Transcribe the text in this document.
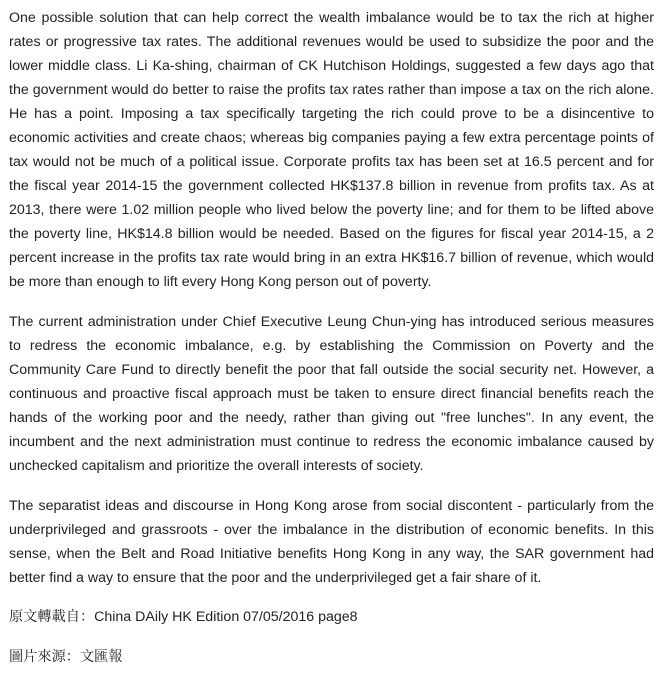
One possible solution that can help correct the wealth imbalance would be to tax the rich at higher rates or progressive tax rates. The additional revenues would be used to subsidize the poor and the lower middle class. Li Ka-shing, chairman of CK Hutchison Holdings, suggested a few days ago that the government would do better to raise the profits tax rates rather than impose a tax on the rich alone. He has a point. Imposing a tax specifically targeting the rich could prove to be a disincentive to economic activities and create chaos; whereas big companies paying a few extra percentage points of tax would not be much of a political issue. Corporate profits tax has been set at 16.5 percent and for the fiscal year 2014-15 the government collected HK$137.8 billion in revenue from profits tax. As at 2013, there were 1.02 million people who lived below the poverty line; and for them to be lifted above the poverty line, HK$14.8 billion would be needed. Based on the figures for fiscal year 2014-15, a 2 percent increase in the profits tax rate would bring in an extra HK$16.7 billion of revenue, which would be more than enough to lift every Hong Kong person out of poverty.

The current administration under Chief Executive Leung Chun-ying has introduced serious measures to redress the economic imbalance, e.g. by establishing the Commission on Poverty and the Community Care Fund to directly benefit the poor that fall outside the social security net. However, a continuous and proactive fiscal approach must be taken to ensure direct financial benefits reach the hands of the working poor and the needy, rather than giving out "free lunches". In any event, the incumbent and the next administration must continue to redress the economic imbalance caused by unchecked capitalism and prioritize the overall interests of society.

The separatist ideas and discourse in Hong Kong arose from social discontent - particularly from the underprivileged and grassroots - over the imbalance in the distribution of economic benefits. In this sense, when the Belt and Road Initiative benefits Hong Kong in any way, the SAR government had better find a way to ensure that the poor and the underprivileged get a fair share of it.

原文轉載自：China DAily HK Edition 07/05/2016 page8

圖片來源：文匯報
